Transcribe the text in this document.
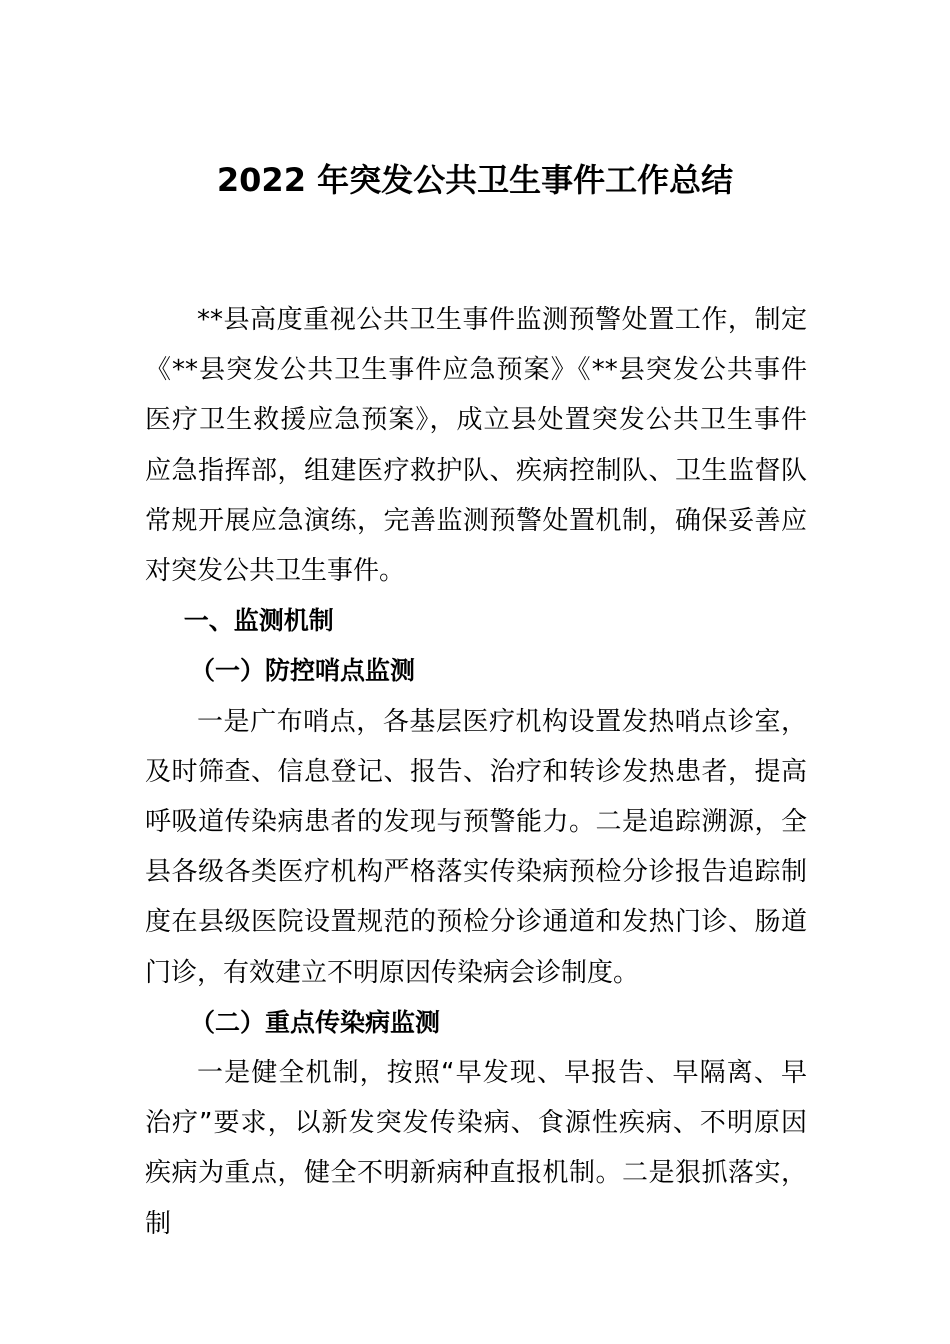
2022 年突发公共卫生事件工作总结

**县高度重视公共卫生事件监测预警处置工作，制定《**县突发公共卫生事件应急预案》《**县突发公共事件医疗卫生救援应急预案》，成立县处置突发公共卫生事件应急指挥部，组建医疗救护队、疾病控制队、卫生监督队常规开展应急演练，完善监测预警处置机制，确保妥善应对突发公共卫生事件。

一、监测机制

（一）防控哨点监测

一是广布哨点，各基层医疗机构设置发热哨点诊室，及时筛查、信息登记、报告、治疗和转诊发热患者，提高呼吸道传染病患者的发现与预警能力。二是追踪溯源，全县各级各类医疗机构严格落实传染病预检分诊报告追踪制度在县级医院设置规范的预检分诊通道和发热门诊、肠道门诊，有效建立不明原因传染病会诊制度。

（二）重点传染病监测

一是健全机制，按照“早发现、早报告、早隔离、早治疗”要求，以新发突发传染病、食源性疾病、不明原因疾病为重点，健全不明新病种直报机制。二是狠抓落实，制
